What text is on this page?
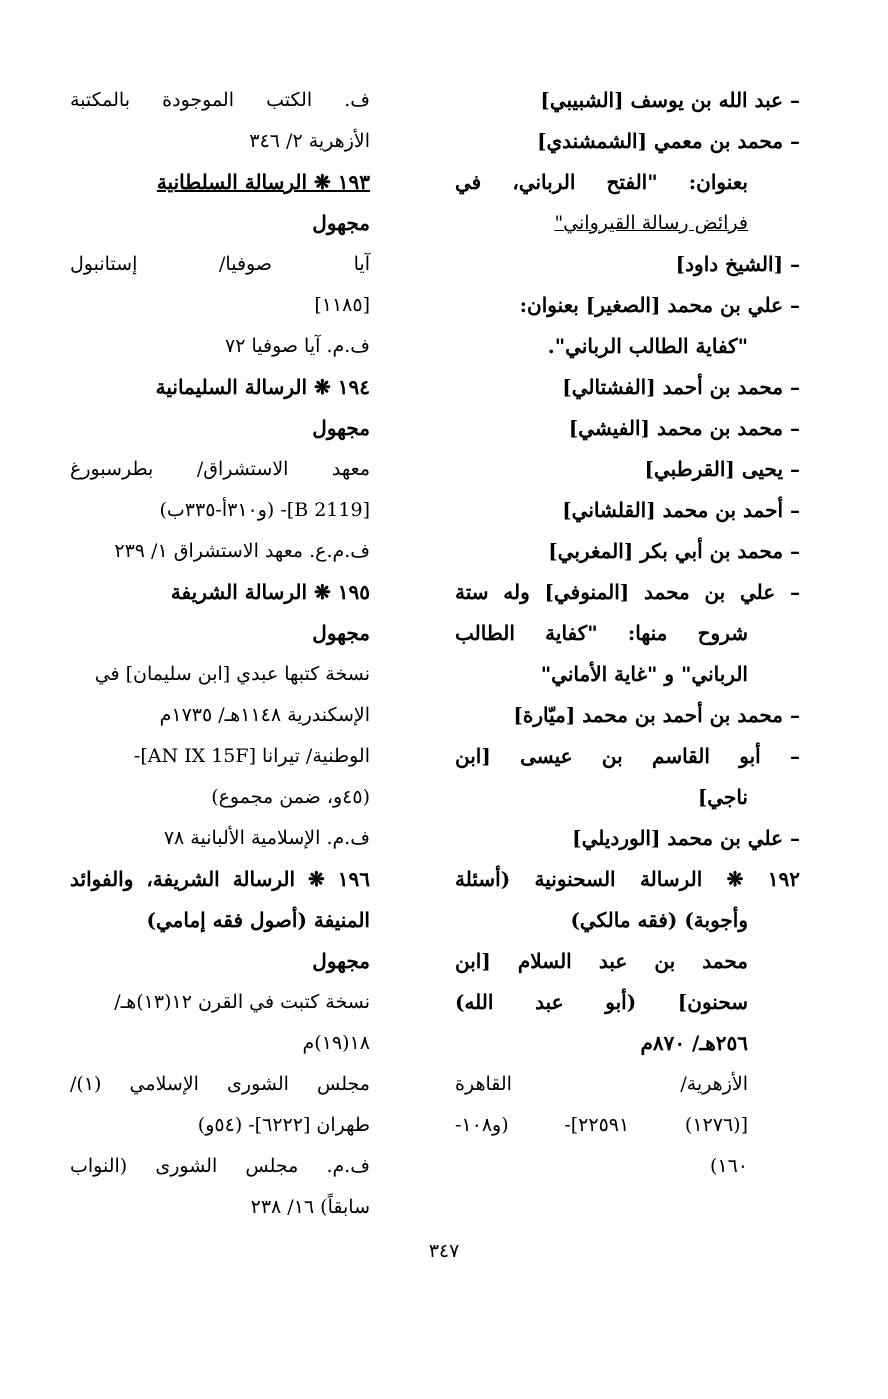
– عبد الله بن يوسف [الشبيبي]
– محمد بن معمي [الشمشندي]
بعنوان: "الفتح الرباني، في
فرائض رسالة القيرواني"
– [الشيخ داود]
– علي بن محمد [الصغير] بعنوان:
"كفاية الطالب الرباني".
– محمد بن أحمد [الفشتالي]
– محمد بن محمد [الفيشي]
– يحيى [القرطبي]
– أحمد بن محمد [القلشاني]
– محمد بن أبي بكر [المغربي]
– علي بن محمد [المنوفي] وله ستة
شروح منها: "كفاية الطالب
الرباني" و "غاية الأماني"
– محمد بن أحمد بن محمد [ميّارة]
– أبو القاسم بن عيسى [ابن
ناجي]
– علي بن محمد [الورديلي]
١٩٢ ❋ الرسالة السحنونية (أسئلة
وأجوبة) (فقه مالكي)
محمد بن عبد السلام [ابن
سحنون] (أبو عبد الله)
٢٥٦هـ/ ٨٧٠م
الأزهرية/ القاهرة
[(١٢٧٦) ٢٢٥٩١]- (و١٠٨-
١٦٠)
ف. الكتب الموجودة بالمكتبة
الأزهرية ٢/ ٣٤٦
١٩٣ ❋ الرسالة السلطانية
مجهول
آيا صوفيا/ إستانبول
[١١٨٥]
ف.م. آيا صوفيا ٧٢
١٩٤ ❋ الرسالة السليمانية
مجهول
معهد الاستشراق/ بطرسبورغ
[B 2119]- (و٣١٠أ-٣٣٥ب)
ف.م.ع. معهد الاستشراق ١/ ٢٣٩
١٩٥ ❋ الرسالة الشريفة
مجهول
نسخة كتبها عبدي [ابن سليمان] في
الإسكندرية ١١٤٨هـ/ ١٧٣٥م
الوطنية/ تيرانا [AN IX 15F]-
(٤٥و، ضمن مجموع)
ف.م. الإسلامية الألبانية ٧٨
١٩٦ ❋ الرسالة الشريفة، والفوائد
المنيفة (أصول فقه إمامي)
مجهول
نسخة كتبت في القرن ١٢(١٣)هـ/
١٨(١٩)م
مجلس الشورى الإسلامي (١)/
طهران [٦٢٢٢]- (٥٤و)
ف.م. مجلس الشورى (النواب
سابقاً) ١٦/ ٢٣٨
٣٤٧
